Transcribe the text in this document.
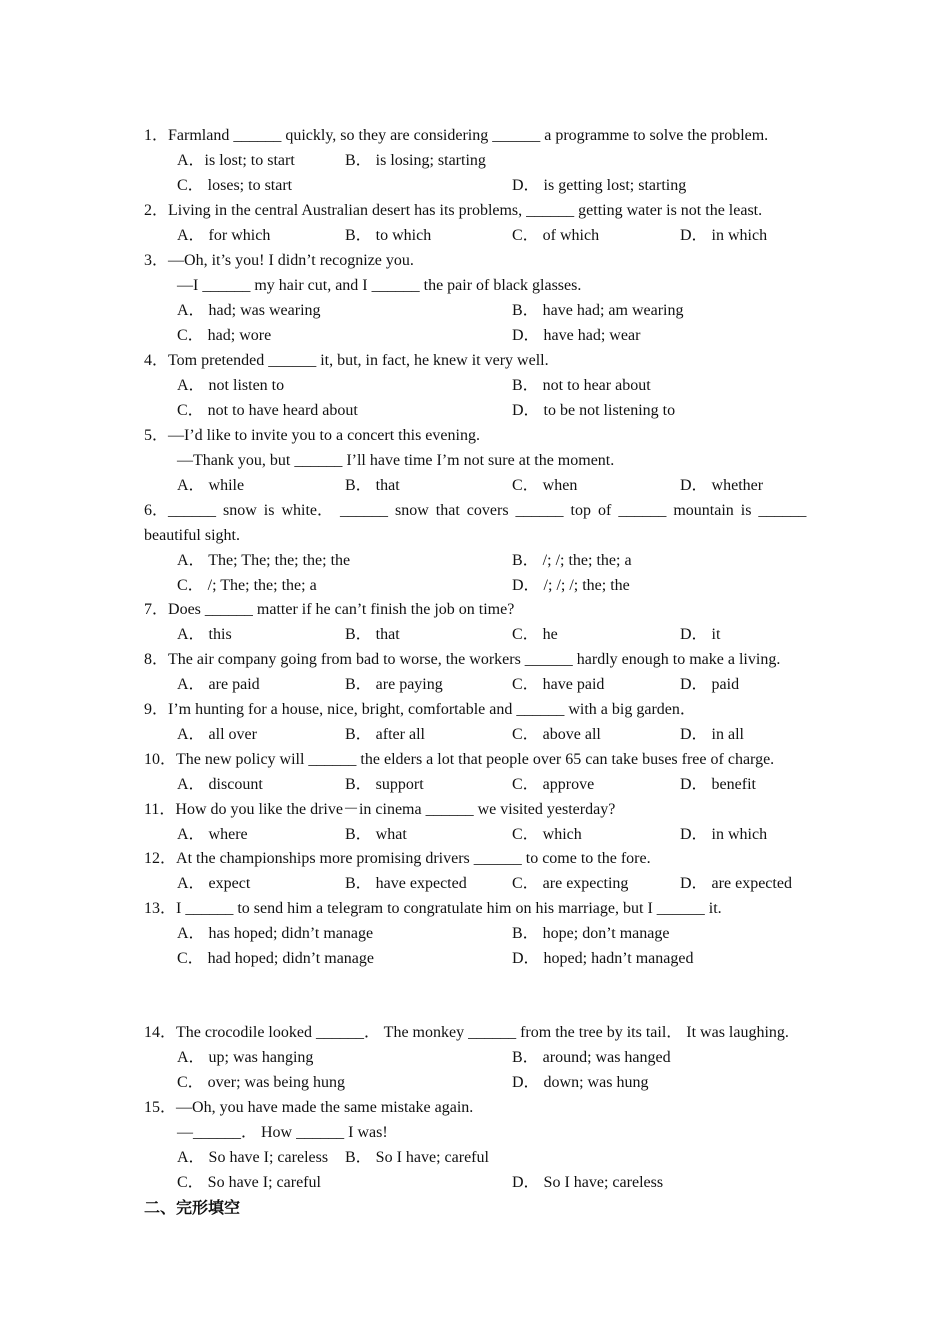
1．Farmland ______ quickly, so they are considering ______ a programme to solve the problem.
A．is lost; to start	B． is losing; starting
C． loses; to start	D． is getting lost; starting
2．Living in the central Australian desert has its problems, ______ getting water is not the least.
A． for which	B． to which	C． of which	D． in which
3．—Oh, it’s you! I didn’t recognize you.
—I ______ my hair cut, and I ______ the pair of black glasses.
A． had; was wearing	B． have had; am wearing
C． had; wore	D． have had; wear
4．Tom pretended ______ it, but, in fact, he knew it very well.
A． not listen to	B． not to hear about
C． not to have heard about	D． to be not listening to
5．—I’d like to invite you to a concert this evening.
—Thank you, but ______ I’ll have time I’m not sure at the moment.
A． while	B． that	C． when	D． whether
6．______ snow is white． ______ snow that covers ______ top of ______ mountain is ______
beautiful sight.
A． The; The; the; the; the	B． /; /; the; the; a
C． /; The; the; the; a	D． /; /; /; the; the
7．Does ______ matter if he can’t finish the job on time?
A． this	B． that	C． he	D． it
8．The air company going from bad to worse, the workers ______ hardly enough to make a living.
A． are paid	B． are paying	C． have paid	D． paid
9．I’m hunting for a house, nice, bright, comfortable and ______ with a big garden．
A． all over	B． after all	C． above all	D． in all
10．The new policy will ______ the elders a lot that people over 65 can take buses free of charge.
A． discount	B． support	C． approve	D． benefit
11．How do you like the drive－in cinema ______ we visited yesterday?
A． where	B． what	C． which	D． in which
12．At the championships more promising drivers ______ to come to the fore.
A． expect	B． have expected	C． are expecting	D． are expected
13．I ______ to send him a telegram to congratulate him on his marriage, but I ______ it.
A． has hoped; didn’t manage	B． hope; don’t manage
C． had hoped; didn’t manage	D． hoped; hadn’t managed
14．The crocodile looked ______． The monkey ______ from the tree by its tail． It was laughing.
A． up; was hanging	B． around; was hanged
C． over; was being hung	D． down; was hung
15．—Oh, you have made the same mistake again.
—______． How ______ I was!
A． So have I; careless B． So I have; careful
C． So have I; careful	D． So I have; careless
二、完形填空
